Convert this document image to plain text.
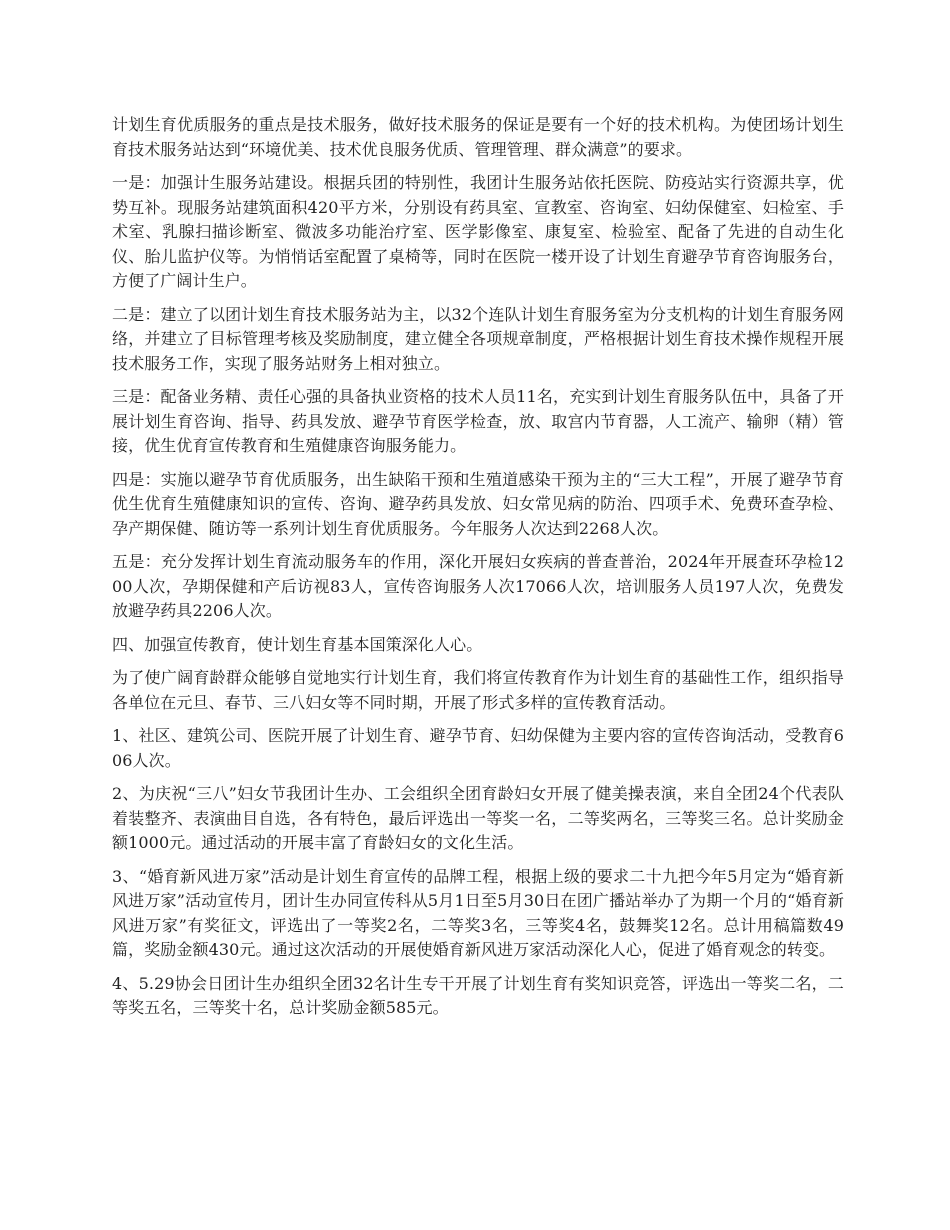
计划生育优质服务的重点是技术服务，做好技术服务的保证是要有一个好的技术机构。为使团场计划生育技术服务站达到“环境优美、技术优良服务优质、管理管理、群众满意”的要求。

一是：加强计生服务站建设。根据兵团的特别性，我团计生服务站依托医院、防疫站实行资源共享，优势互补。现服务站建筑面积420平方米，分别设有药具室、宣教室、咨询室、妇幼保健室、妇检室、手术室、乳腺扫描诊断室、微波多功能治疗室、医学影像室、康复室、检验室、配备了先进的自动生化仪、胎儿监护仪等。为悄悄话室配置了桌椅等，同时在医院一楼开设了计划生育避孕节育咨询服务台，方便了广阔计生户。

二是：建立了以团计划生育技术服务站为主，以32个连队计划生育服务室为分支机构的计划生育服务网络，并建立了目标管理考核及奖励制度，建立健全各项规章制度，严格根据计划生育技术操作规程开展技术服务工作，实现了服务站财务上相对独立。

三是：配备业务精、责任心强的具备执业资格的技术人员11名，充实到计划生育服务队伍中，具备了开展计划生育咨询、指导、药具发放、避孕节育医学检查，放、取宫内节育器，人工流产、输卵（精）管接，优生优育宣传教育和生殖健康咨询服务能力。

四是：实施以避孕节育优质服务，出生缺陷干预和生殖道感染干预为主的“三大工程”，开展了避孕节育优生优育生殖健康知识的宣传、咨询、避孕药具发放、妇女常见病的防治、四项手术、免费环查孕检、孕产期保健、随访等一系列计划生育优质服务。今年服务人次达到2268人次。

五是：充分发挥计划生育流动服务车的作用，深化开展妇女疾病的普查普治，2024年开展查环孕检1200人次，孕期保健和产后访视83人，宣传咨询服务人次17066人次，培训服务人员197人次，免费发放避孕药具2206人次。

四、加强宣传教育，使计划生育基本国策深化人心。

为了使广阔育龄群众能够自觉地实行计划生育，我们将宣传教育作为计划生育的基础性工作，组织指导各单位在元旦、春节、三八妇女等不同时期，开展了形式多样的宣传教育活动。

1、社区、建筑公司、医院开展了计划生育、避孕节育、妇幼保健为主要内容的宣传咨询活动，受教育606人次。

2、为庆祝“三八”妇女节我团计生办、工会组织全团育龄妇女开展了健美操表演，来自全团24个代表队着装整齐、表演曲目自选，各有特色，最后评选出一等奖一名，二等奖两名，三等奖三名。总计奖励金额1000元。通过活动的开展丰富了育龄妇女的文化生活。

3、“婚育新风进万家”活动是计划生育宣传的品牌工程，根据上级的要求二十九把今年5月定为“婚育新风进万家”活动宣传月，团计生办同宣传科从5月1日至5月30日在团广播站举办了为期一个月的“婚育新风进万家”有奖征文，评选出了一等奖2名，二等奖3名，三等奖4名，鼓舞奖12名。总计用稿篇数49篇，奖励金额430元。通过这次活动的开展使婚育新风进万家活动深化人心，促进了婚育观念的转变。

4、5.29协会日团计生办组织全团32名计生专干开展了计划生育有奖知识竞答，评选出一等奖二名，二等奖五名，三等奖十名，总计奖励金额585元。
